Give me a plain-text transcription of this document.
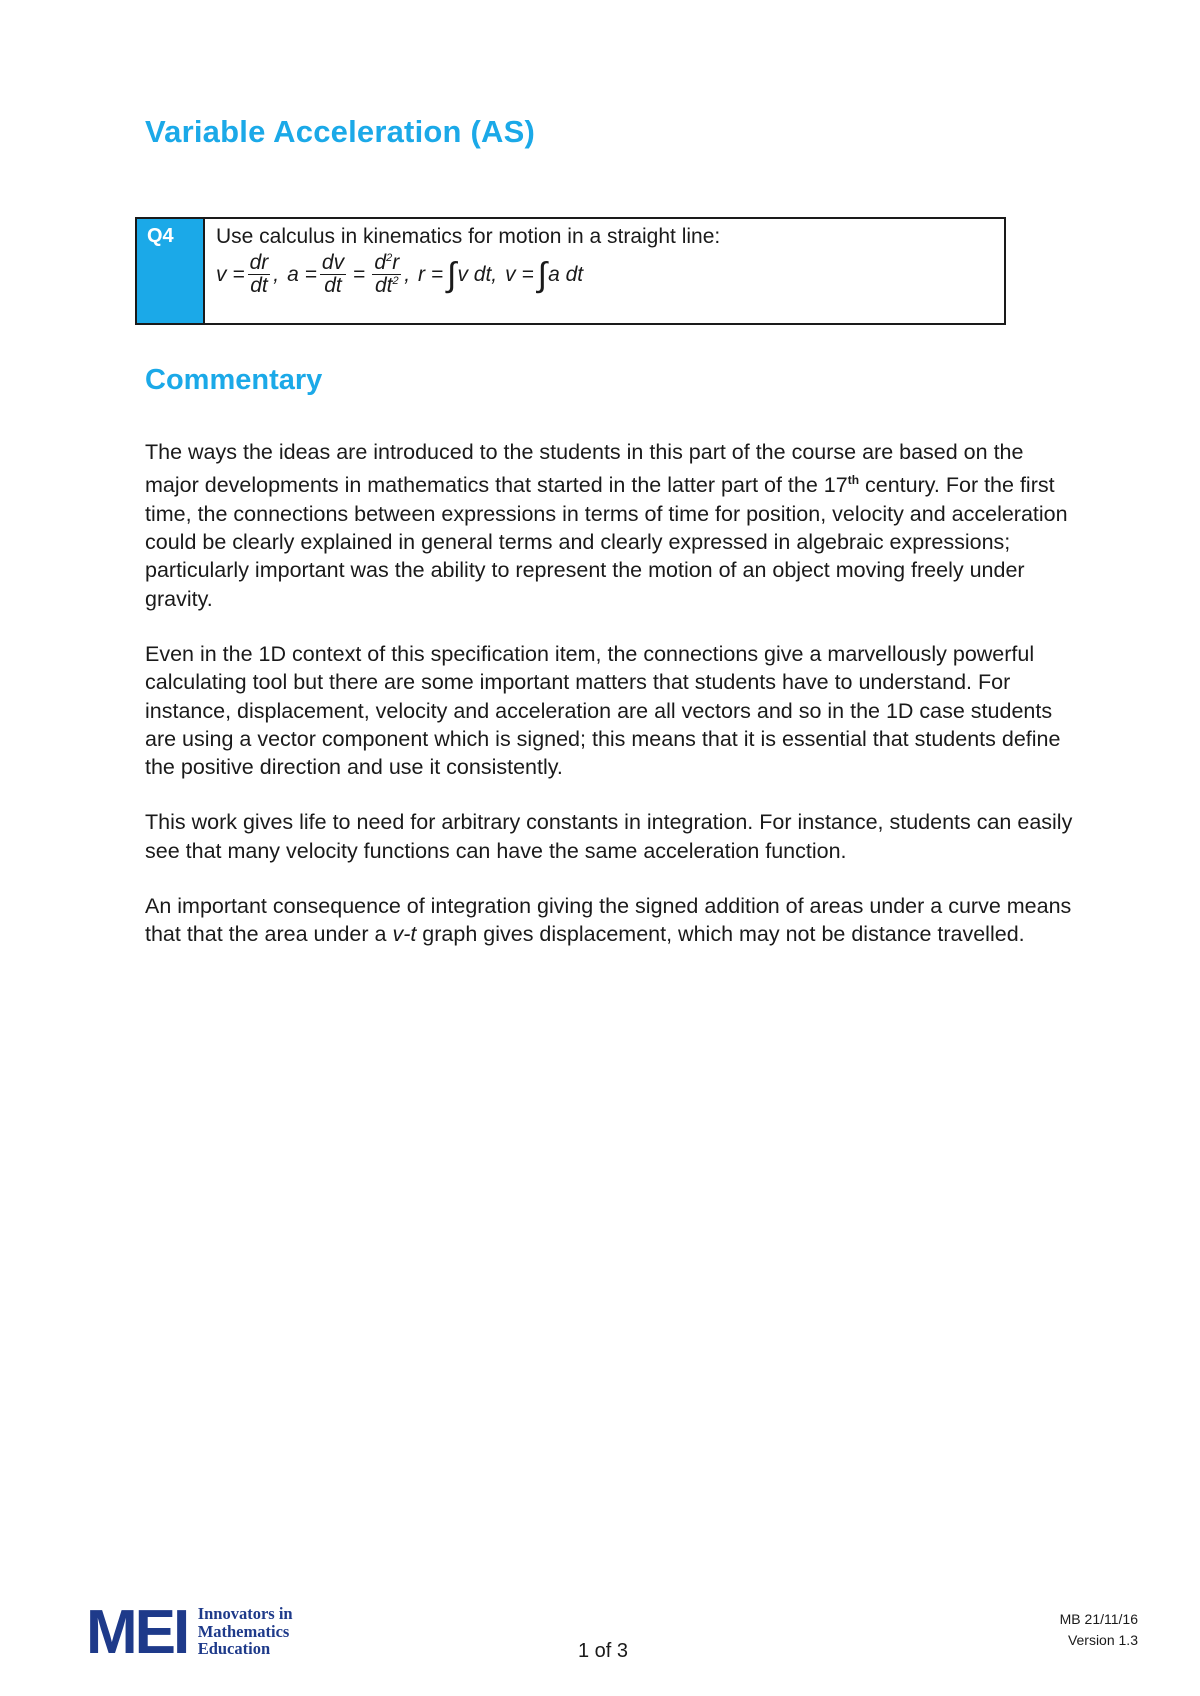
Variable Acceleration (AS)
Q4	Use calculus in kinematics for motion in a straight line:

$v = \frac{dr}{dt}$ , $a = \frac{dv}{dt} = \frac{d^2r}{dt^2}$ , r = ∫ v dt, v = ∫ a dt
Commentary

The ways the ideas are introduced to the students in this part of the course are based on the major developments in mathematics that started in the latter part of the 17th century. For the first time, the connections between expressions in terms of time for position, velocity and acceleration could be clearly explained in general terms and clearly expressed in algebraic expressions; particularly important was the ability to represent the motion of an object moving freely under gravity.

Even in the 1D context of this specification item, the connections give a marvellously powerful calculating tool but there are some important matters that students have to understand. For instance, displacement, velocity and acceleration are all vectors and so in the 1D case students are using a vector component which is signed; this means that it is essential that students define the positive direction and use it consistently.

This work gives life to need for arbitrary constants in integration. For instance, students can easily see that many velocity functions can have the same acceleration function.

An important consequence of integration giving the signed addition of areas under a curve means that that the area under a v-t graph gives displacement, which may not be distance travelled.

MEI Innovators in
Mathematics
Education	1 of 3
MB 21/11/16
Version 1.3
